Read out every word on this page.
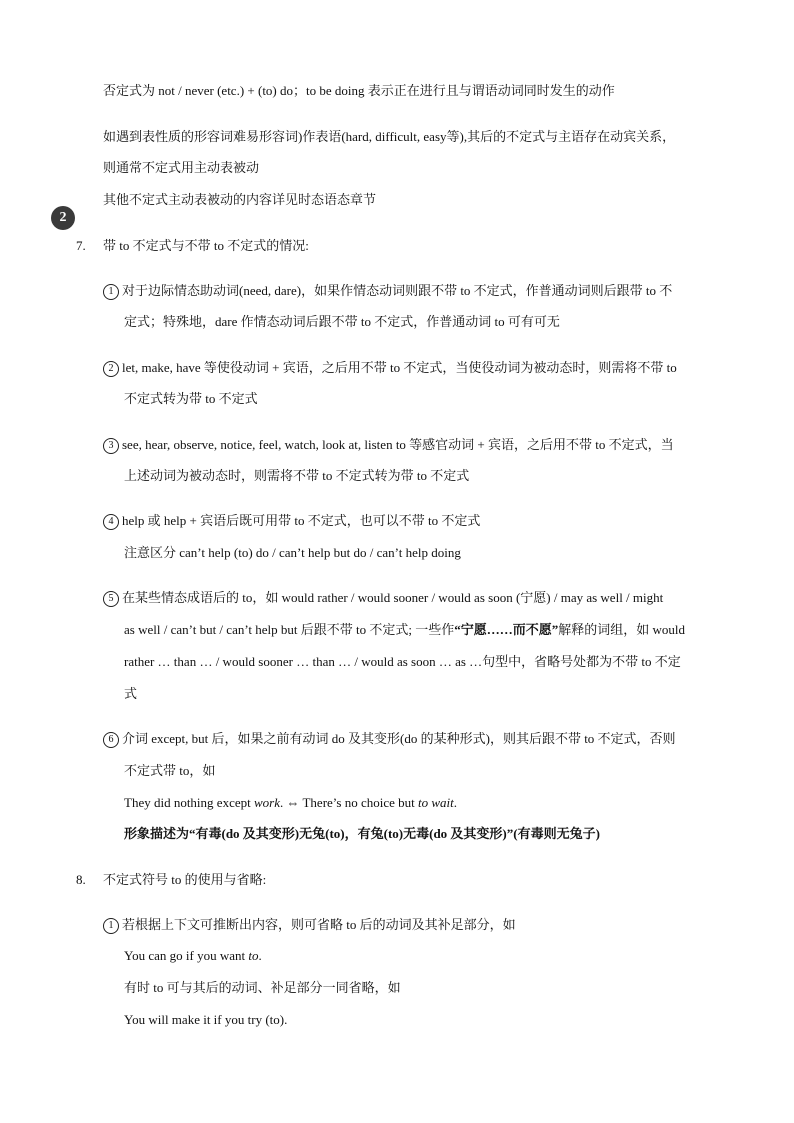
否定式为 not / never (etc.) + (to) do；to be doing 表示正在进行且与谓语动词同时发生的动作
如遇到表性质的形容词难易形容词)作表语(hard, difficult, easy等),其后的不定式与主语存在动宾关系，
则通常不定式用主动表被动
其他不定式主动表被动的内容详见时态语态章节
2
7. 带 to 不定式与不带 to 不定式的情况:
1 对于边际情态助动词(need, dare)，如果作情态动词则跟不带 to 不定式，作普通动词则后跟带 to 不
定式；特殊地，dare 作情态动词后跟不带 to 不定式，作普通动词 to 可有可无
2 let, make, have 等使役动词 + 宾语，之后用不带 to 不定式，当使役动词为被动态时，则需将不带 to
不定式转为带 to 不定式
3 see, hear, observe, notice, feel, watch, look at, listen to 等感官动词 + 宾语，之后用不带 to 不定式，当
上述动词为被动态时，则需将不带 to 不定式转为带 to 不定式
4 help 或 help + 宾语后既可用带 to 不定式，也可以不带 to 不定式
注意区分 can’t help (to) do / can’t help but do / can’t help doing
5 在某些情态成语后的 to，如 would rather / would sooner / would as soon (宁愿) / may as well / might
as well / can’t but / can’t help but 后跟不带 to 不定式; 一些作“宁愿……而不愿”解释的词组，如 would
rather … than … / would sooner … than … / would as soon … as …句型中，省略号处都为不带 to 不定
式
6 介词 except, but 后，如果之前有动词 do 及其变形(do 的某种形式)，则其后跟不带 to 不定式，否则
不定式带 to，如
They did nothing except work. ⇔ There’s no choice but to wait.
形象描述为“有毒(do 及其变形)无兔(to)，有兔(to)无毒(do 及其变形)”(有毒则无兔子)
8. 不定式符号 to 的使用与省略:
1 若根据上下文可推断出内容，则可省略 to 后的动词及其补足部分，如
You can go if you want to.
有时 to 可与其后的动词、补足部分一同省略，如
You will make it if you try (to).
